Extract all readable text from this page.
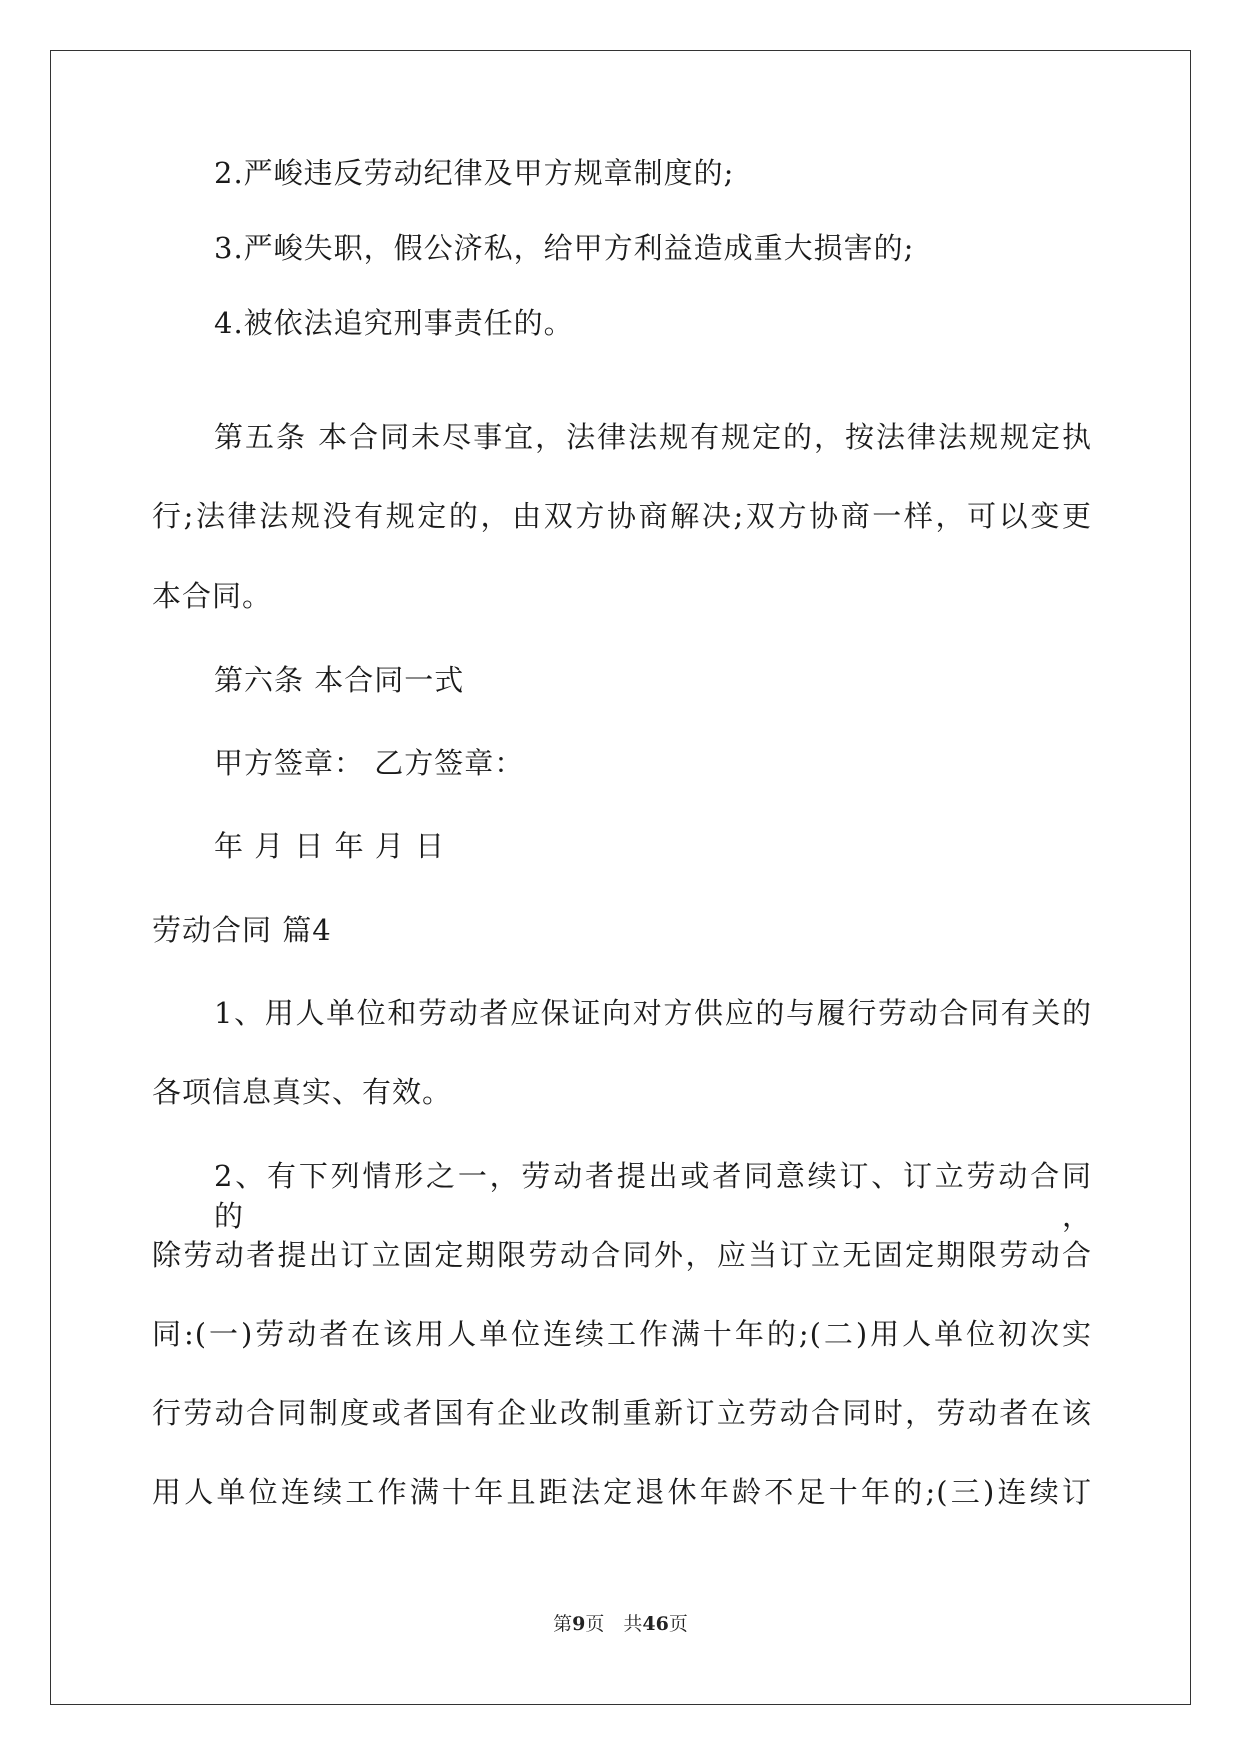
2.严峻违反劳动纪律及甲方规章制度的;
3.严峻失职，假公济私，给甲方利益造成重大损害的;
4.被依法追究刑事责任的。
第五条 本合同未尽事宜，法律法规有规定的，按法律法规规定执
行;法律法规没有规定的，由双方协商解决;双方协商一样，可以变更
本合同。
第六条 本合同一式
甲方签章： 乙方签章：
年 月 日 年 月 日
劳动合同 篇4
1、用人单位和劳动者应保证向对方供应的与履行劳动合同有关的
各项信息真实、有效。
2、有下列情形之一，劳动者提出或者同意续订、订立劳动合同的，
除劳动者提出订立固定期限劳动合同外，应当订立无固定期限劳动合
同:(一)劳动者在该用人单位连续工作满十年的;(二)用人单位初次实
行劳动合同制度或者国有企业改制重新订立劳动合同时，劳动者在该
用人单位连续工作满十年且距法定退休年龄不足十年的;(三)连续订
第9页　共46页
